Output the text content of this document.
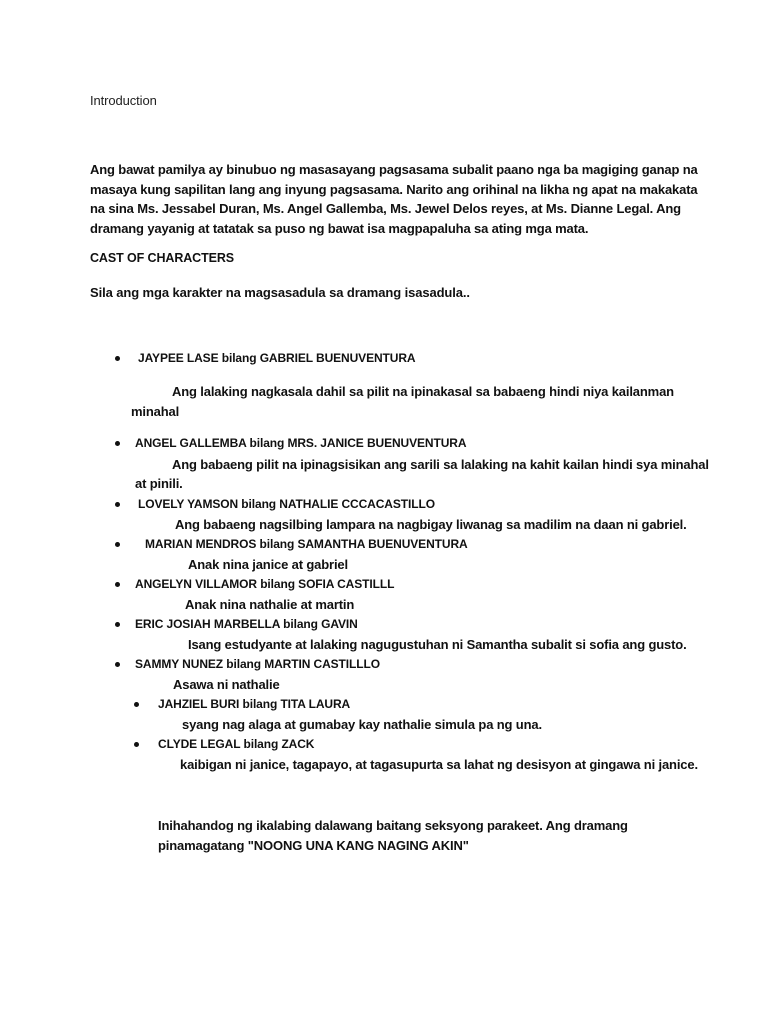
Introduction
Ang bawat pamilya ay binubuo ng masasayang pagsasama subalit paano nga ba magiging ganap na
masaya kung sapilitan lang ang inyung pagsasama. Narito ang orihinal na likha ng apat na makakata
na sina Ms. Jessabel Duran, Ms. Angel Gallemba, Ms. Jewel Delos reyes, at Ms. Dianne Legal. Ang
dramang yayanig at tatatak sa puso ng bawat isa magpapaluha sa ating mga mata.
CAST OF CHARACTERS
Sila ang mga karakter na magsasadula sa dramang isasadula..
JAYPEE LASE bilang GABRIEL BUENUVENTURA
Ang lalaking nagkasala dahil sa pilit na ipinakasal sa babaeng hindi niya kailanman
minahal
ANGEL GALLEMBA bilang MRS. JANICE BUENUVENTURA
Ang babaeng pilit na ipinagsisikan ang sarili sa lalaking na kahit kailan hindi sya minahal
at pinili.
LOVELY YAMSON bilang NATHALIE CCCACASTILLO
Ang babaeng nagsilbing lampara na nagbigay liwanag sa madilim na daan ni gabriel.
MARIAN MENDROS bilang SAMANTHA BUENUVENTURA
Anak nina janice at gabriel
ANGELYN VILLAMOR bilang SOFIA CASTILLL
Anak nina nathalie at martin
ERIC JOSIAH MARBELLA bilang GAVIN
Isang estudyante at lalaking nagugustuhan ni Samantha subalit si sofia ang gusto.
SAMMY NUNEZ bilang MARTIN CASTILLLO
Asawa ni nathalie
JAHZIEL BURI bilang TITA LAURA
syang nag alaga at gumabay kay nathalie simula pa ng una.
CLYDE LEGAL bilang ZACK
kaibigan ni janice, tagapayo, at tagasupurta sa lahat ng desisyon at gingawa ni janice.
Inihahandog ng ikalabing dalawang baitang seksyong parakeet. Ang dramang
pinamagatang "NOONG UNA KANG NAGING AKIN"
